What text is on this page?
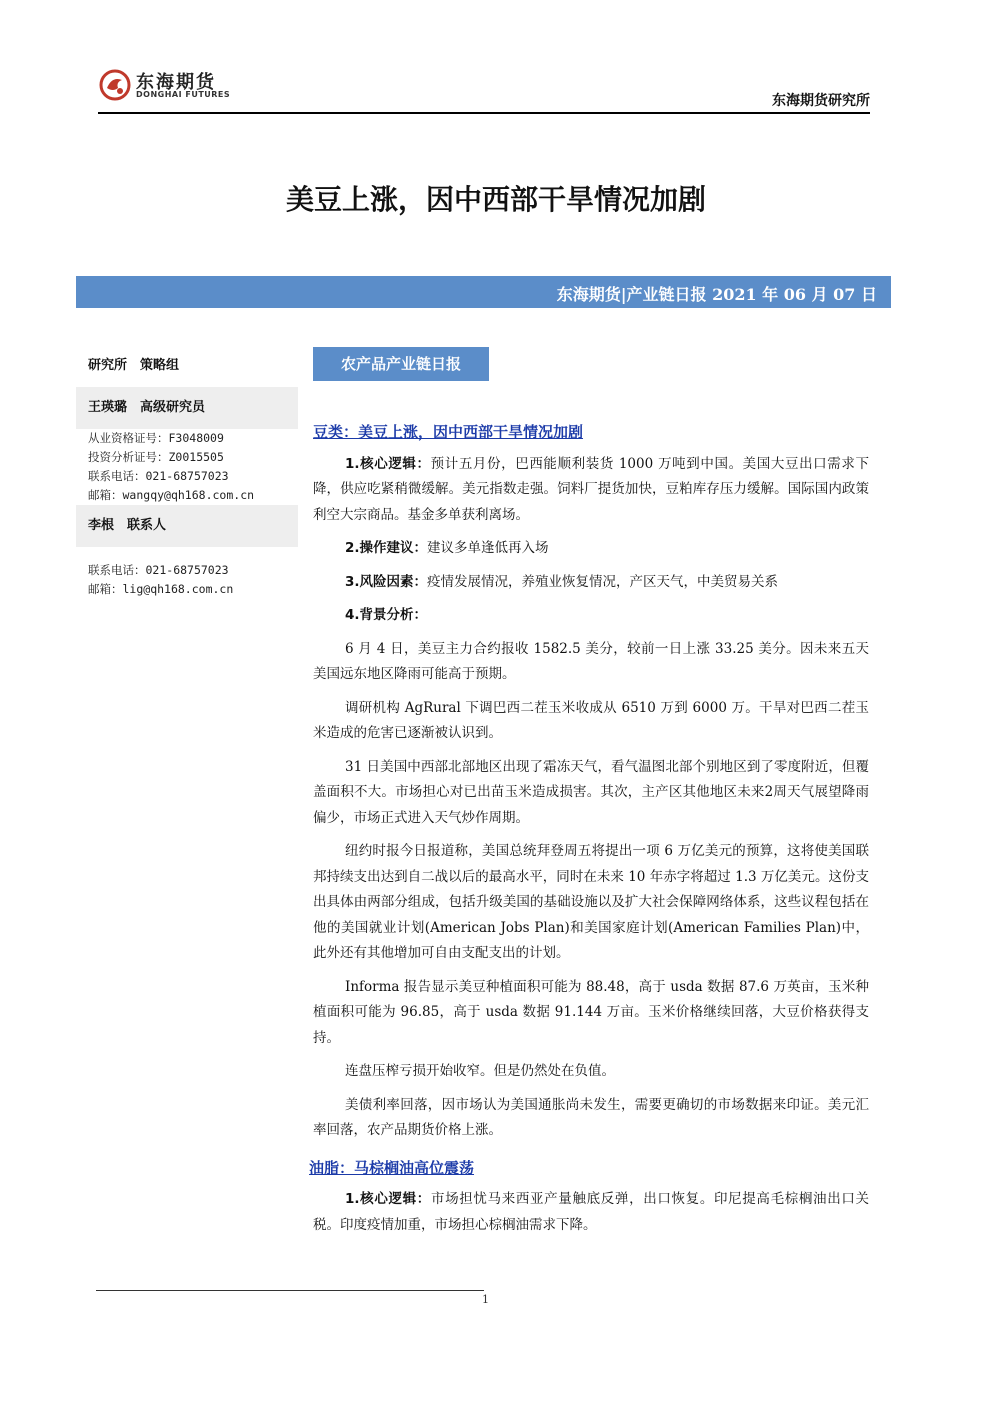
东海期货
DONGHAI FUTURES	东海期货研究所
美豆上涨，因中西部干旱情况加剧
东海期货|产业链日报 2021 年 06 月 07 日
研究所　策略组
王瑛璐　高级研究员
从业资格证号：F3048009
投资分析证号：Z0015505
联系电话：021-68757023
邮箱：wangqy@qh168.com.cn
李根　联系人
联系电话：021-68757023
邮箱：lig@qh168.com.cn
农产品产业链日报
豆类：美豆上涨，因中西部干旱情况加剧
1.核心逻辑：预计五月份，巴西能顺利装货 1000 万吨到中国。美国大豆出口需求下降，供应吃紧稍微缓解。美元指数走强。饲料厂提货加快，豆粕库存压力缓解。国际国内政策利空大宗商品。基金多单获利离场。
2.操作建议：建议多单逢低再入场
3.风险因素：疫情发展情况，养殖业恢复情况，产区天气，中美贸易关系
4.背景分析：
6 月 4 日，美豆主力合约报收 1582.5 美分，较前一日上涨 33.25 美分。因未来五天美国远东地区降雨可能高于预期。
调研机构 AgRural 下调巴西二茬玉米收成从 6510 万到 6000 万。干旱对巴西二茬玉米造成的危害已逐渐被认识到。
31 日美国中西部北部地区出现了霜冻天气，看气温图北部个别地区到了零度附近，但覆盖面积不大。市场担心对已出苗玉米造成损害。其次，主产区其他地区未来2周天气展望降雨偏少，市场正式进入天气炒作周期。
纽约时报今日报道称，美国总统拜登周五将提出一项 6 万亿美元的预算，这将使美国联邦持续支出达到自二战以后的最高水平，同时在未来 10 年赤字将超过 1.3 万亿美元。这份支出具体由两部分组成，包括升级美国的基础设施以及扩大社会保障网络体系，这些议程包括在他的美国就业计划(American Jobs Plan)和美国家庭计划(American Families Plan)中，此外还有其他增加可自由支配支出的计划。
Informa 报告显示美豆种植面积可能为 88.48，高于 usda 数据 87.6 万英亩，玉米种植面积可能为 96.85，高于 usda 数据 91.144 万亩。玉米价格继续回落，大豆价格获得支持。
连盘压榨亏损开始收窄。但是仍然处在负值。
美债利率回落，因市场认为美国通胀尚未发生，需要更确切的市场数据来印证。美元汇率回落，农产品期货价格上涨。
油脂：马棕榈油高位震荡
1.核心逻辑：市场担忧马来西亚产量触底反弹，出口恢复。印尼提高毛棕榈油出口关税。印度疫情加重，市场担心棕榈油需求下降。
1
